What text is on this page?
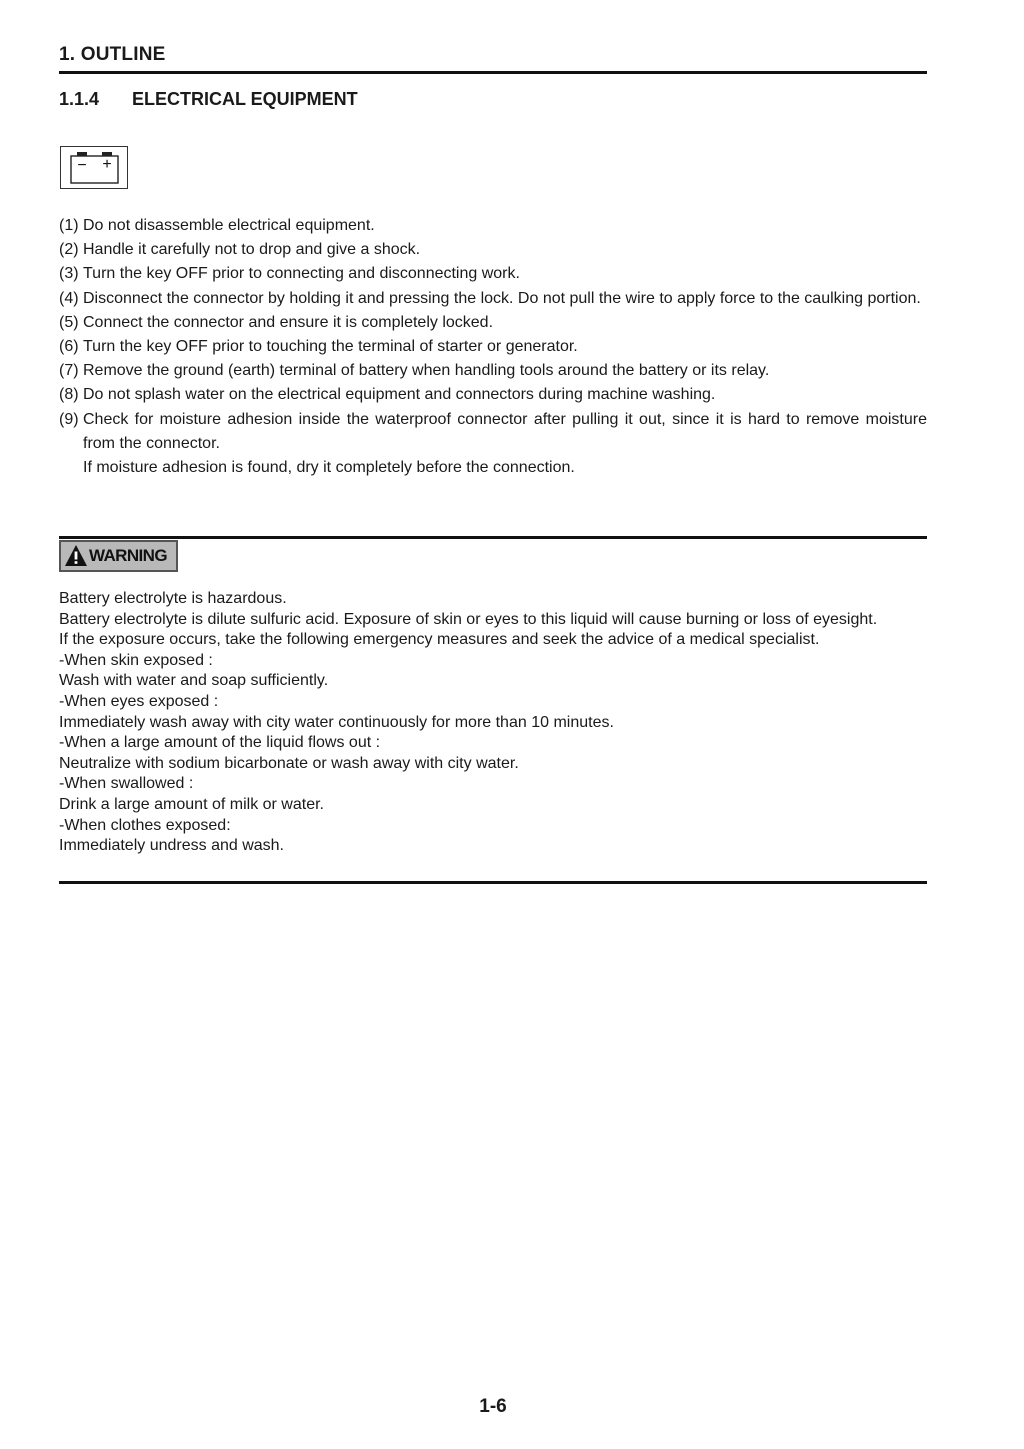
1. OUTLINE
1.1.4 ELECTRICAL EQUIPMENT
− +
(1) Do not disassemble electrical equipment.
(2) Handle it carefully not to drop and give a shock.
(3) Turn the key OFF prior to connecting and disconnecting work.
(4) Disconnect the connector by holding it and pressing the lock. Do not pull the wire to apply force to the caulking portion.
(5) Connect the connector and ensure it is completely locked.
(6) Turn the key OFF prior to touching the terminal of starter or generator.
(7) Remove the ground (earth) terminal of battery when handling tools around the battery or its relay.
(8) Do not splash water on the electrical equipment and connectors during machine washing.
(9) Check for moisture adhesion inside the waterproof connector after pulling it out, since it is hard to remove moisture from the connector.
If moisture adhesion is found, dry it completely before the connection.
WARNING

Battery electrolyte is hazardous.

Battery electrolyte is dilute sulfuric acid. Exposure of skin or eyes to this liquid will cause burning or loss of eyesight.

If the exposure occurs, take the following emergency measures and seek the advice of a medical specialist.

-When skin exposed :

Wash with water and soap sufficiently.

-When eyes exposed :

Immediately wash away with city water continuously for more than 10 minutes.

-When a large amount of the liquid flows out :

Neutralize with sodium bicarbonate or wash away with city water.

-When swallowed :

Drink a large amount of milk or water.

-When clothes exposed:

Immediately undress and wash.

1-6
